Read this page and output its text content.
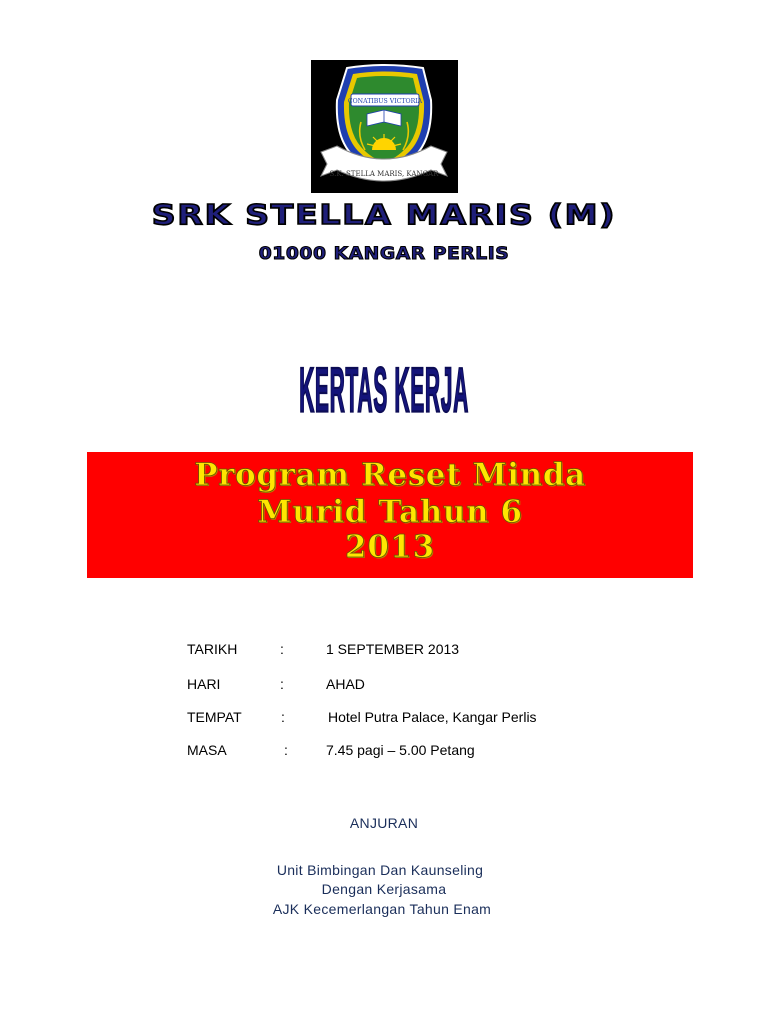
CONATIBUS VICTORIA
S.K. STELLA MARIS, KANGAR
SRK STELLA MARIS (M)
01000 KANGAR PERLIS
KERTAS KERJA
Program Reset Minda
Murid Tahun 6
2013
TARIKH	:	1 SEPTEMBER 2013
HARI	:	AHAD
TEMPAT	:	Hotel Putra Palace, Kangar Perlis
MASA	:	7.45 pagi – 5.00 Petang
ANJURAN
Unit Bimbingan Dan Kaunseling
Dengan Kerjasama
AJK Kecemerlangan Tahun Enam
